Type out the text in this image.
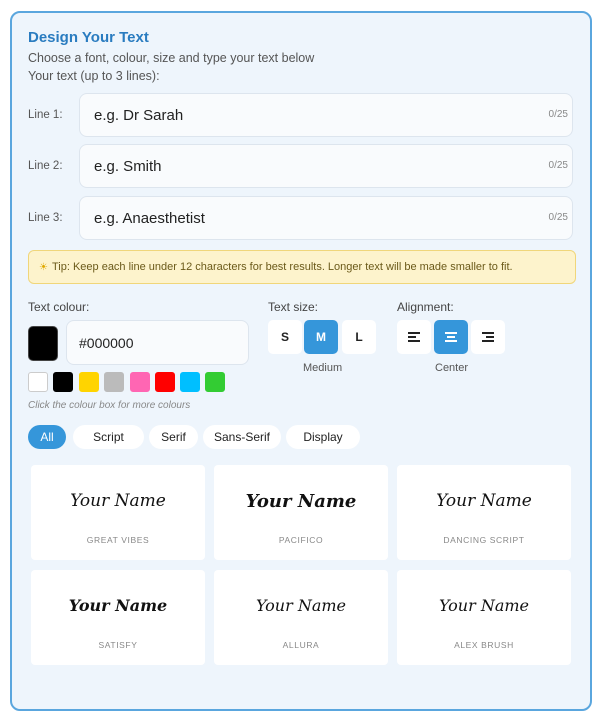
Design Your Text
Choose a font, colour, size and type your text below
Your text (up to 3 lines):
Line 1:
e.g. Dr Sarah	0/25
Line 2:
e.g. Smith	0/25
Line 3:
e.g. Anaesthetist	0/25
☀ Tip: Keep each line under 12 characters for best results. Longer text will be made smaller to fit.
Text colour:
#000000
Click the colour box for more colours
Text size:
S	M	L
Medium
Alignment:
Center
All	Script	Serif	Sans-Serif	Display
Your Name
GREAT VIBES
Your Name
PACIFICO
Your Name
DANCING SCRIPT
Your Name
SATISFY
Your Name
ALLURA
Your Name
ALEX BRUSH
